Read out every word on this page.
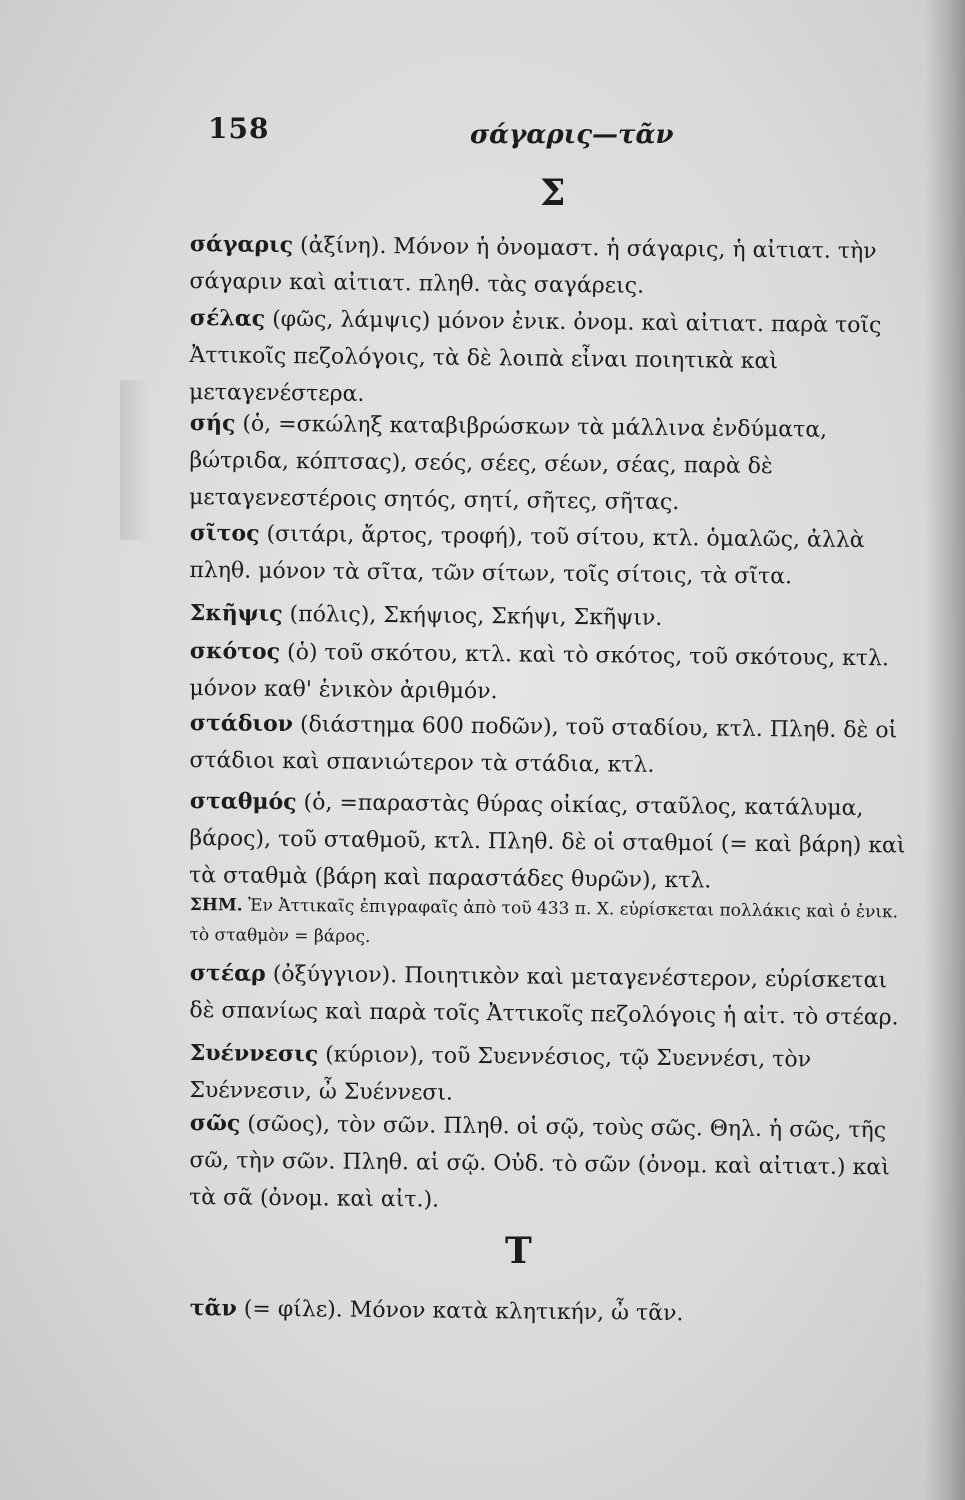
158	σάγαρις—τᾶν
Σ
σάγαρις (ἀξίνη). Μόνον ἡ ὀνομαστ. ἡ σάγαρις, ἡ αἰτιατ. τὴν σάγαριν καὶ αἰτιατ. πληθ. τὰς σαγάρεις.
σέλας (φῶς, λάμψις) μόνον ἐνικ. ὀνομ. καὶ αἰτιατ. παρὰ τοῖς Ἀττικοῖς πεζολόγοις, τὰ δὲ λοιπὰ εἶναι ποιητικὰ καὶ μεταγενέστερα.
σής (ὁ, =σκώληξ καταβιβρώσκων τὰ μάλλινα ἐνδύματα, βώτριδα, κόπτσας), σεός, σέες, σέων, σέας, παρὰ δὲ μεταγενεστέροις σητός, σητί, σῆτες, σῆτας.
σῖτος (σιτάρι, ἄρτος, τροφή), τοῦ σίτου, κτλ. ὁμαλῶς, ἀλλὰ πληθ. μόνον τὰ σῖτα, τῶν σίτων, τοῖς σίτοις, τὰ σῖτα.
Σκῆψις (πόλις), Σκήψιος, Σκήψι, Σκῆψιν.
σκότος (ὁ) τοῦ σκότου, κτλ. καὶ τὸ σκότος, τοῦ σκότους, κτλ. μόνον καθ' ἑνικὸν ἀριθμόν.
στάδιον (διάστημα 600 ποδῶν), τοῦ σταδίου, κτλ. Πληθ. δὲ οἱ στάδιοι καὶ σπανιώτερον τὰ στάδια, κτλ.
σταθμός (ὁ, =παραστὰς θύρας οἰκίας, σταῦλος, κατάλυμα, βάρος), τοῦ σταθμοῦ, κτλ. Πληθ. δὲ οἱ σταθμοί (= καὶ βάρη) καὶ τὰ σταθμὰ (βάρη καὶ παραστάδες θυρῶν), κτλ.
ΣΗΜ. Ἐν Ἀττικαῖς ἐπιγραφαῖς ἀπὸ τοῦ 433 π. Χ. εὑρίσκεται πολλάκις καὶ ὁ ἐνικ. τὸ σταθμὸν = βάρος.
στέαρ (ὀξύγγιον). Ποιητικὸν καὶ μεταγενέστερον, εὑρίσκεται δὲ σπανίως καὶ παρὰ τοῖς Ἀττικοῖς πεζολόγοις ἡ αἰτ. τὸ στέαρ.
Συέννεσις (κύριον), τοῦ Συεννέσιος, τῷ Συεννέσι, τὸν Συέννεσιν, ὦ Συέννεσι.
σῶς (σῶος), τὸν σῶν. Πληθ. οἱ σῷ, τοὺς σῶς. Θηλ. ἡ σῶς, τῆς σῶ, τὴν σῶν. Πληθ. αἱ σῷ. Οὐδ. τὸ σῶν (ὀνομ. καὶ αἰτιατ.) καὶ τὰ σᾶ (ὀνομ. καὶ αἰτ.).
Τ
τᾶν (= φίλε). Μόνον κατὰ κλητικήν, ὦ τᾶν.
